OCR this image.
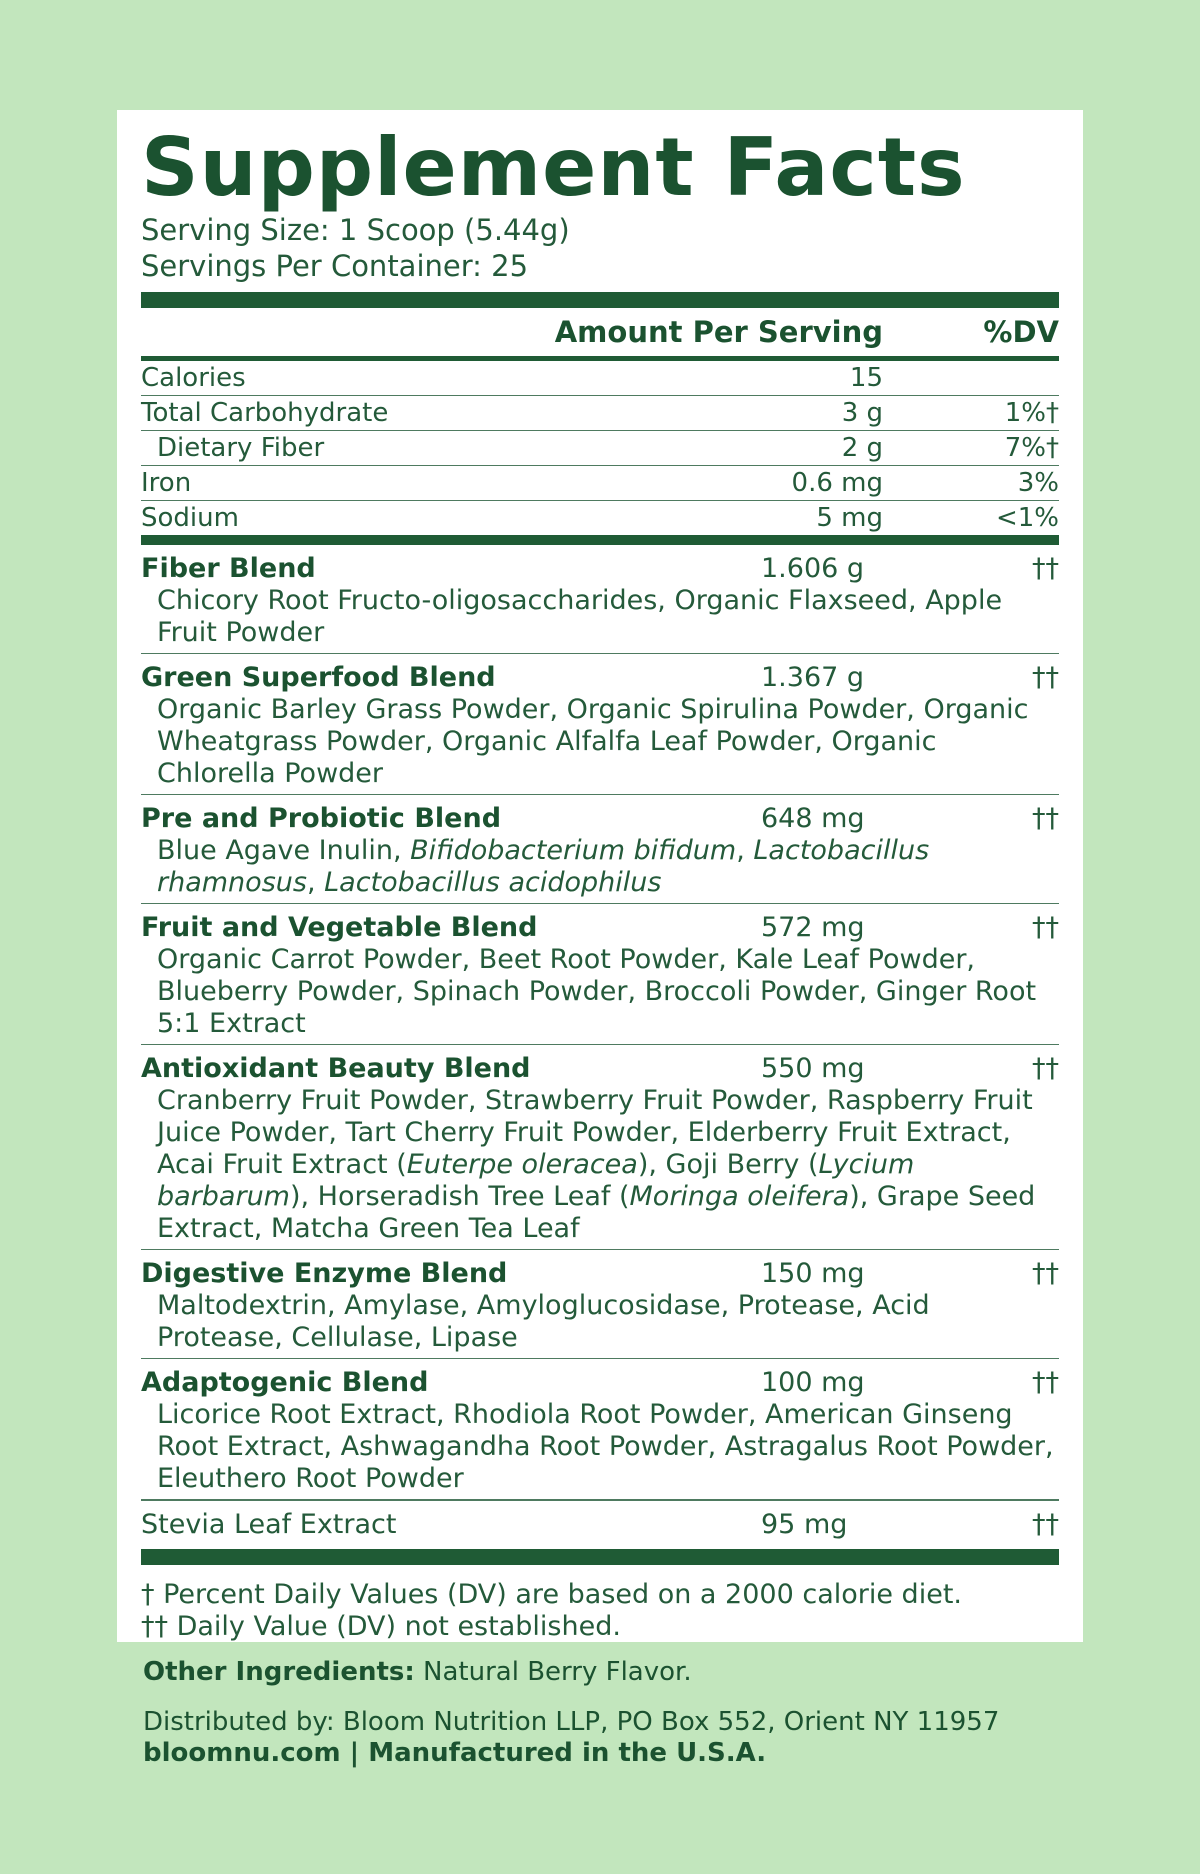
Supplement Facts
Serving Size: 1 Scoop (5.44g)
Servings Per Container: 25
Amount Per Serving	%DV
Calories	15
Total Carbohydrate	3 g	1%†
Dietary Fiber	2 g	7%†
Iron	0.6 mg	3%
Sodium	5 mg	<1%
Fiber Blend	1.606 g	††
Chicory Root Fructo-oligosaccharides, Organic Flaxseed, Apple Fruit Powder
Green Superfood Blend	1.367 g	††
Organic Barley Grass Powder, Organic Spirulina Powder, Organic Wheatgrass Powder, Organic Alfalfa Leaf Powder, Organic Chlorella Powder
Pre and Probiotic Blend	648 mg	††
Blue Agave Inulin, Bifidobacterium bifidum, Lactobacillus rhamnosus, Lactobacillus acidophilus
Fruit and Vegetable Blend	572 mg	††
Organic Carrot Powder, Beet Root Powder, Kale Leaf Powder, Blueberry Powder, Spinach Powder, Broccoli Powder, Ginger Root 5:1 Extract
Antioxidant Beauty Blend	550 mg	††
Cranberry Fruit Powder, Strawberry Fruit Powder, Raspberry Fruit Juice Powder, Tart Cherry Fruit Powder, Elderberry Fruit Extract, Acai Fruit Extract (Euterpe oleracea), Goji Berry (Lycium barbarum), Horseradish Tree Leaf (Moringa oleifera), Grape Seed Extract, Matcha Green Tea Leaf
Digestive Enzyme Blend	150 mg	††
Maltodextrin, Amylase, Amyloglucosidase, Protease, Acid Protease, Cellulase, Lipase
Adaptogenic Blend	100 mg	††
Licorice Root Extract, Rhodiola Root Powder, American Ginseng Root Extract, Ashwagandha Root Powder, Astragalus Root Powder, Eleuthero Root Powder
Stevia Leaf Extract	95 mg	††
† Percent Daily Values (DV) are based on a 2000 calorie diet.
†† Daily Value (DV) not established.
Other Ingredients: Natural Berry Flavor.
Distributed by: Bloom Nutrition LLP, PO Box 552, Orient NY 11957
bloomnu.com | Manufactured in the U.S.A.
